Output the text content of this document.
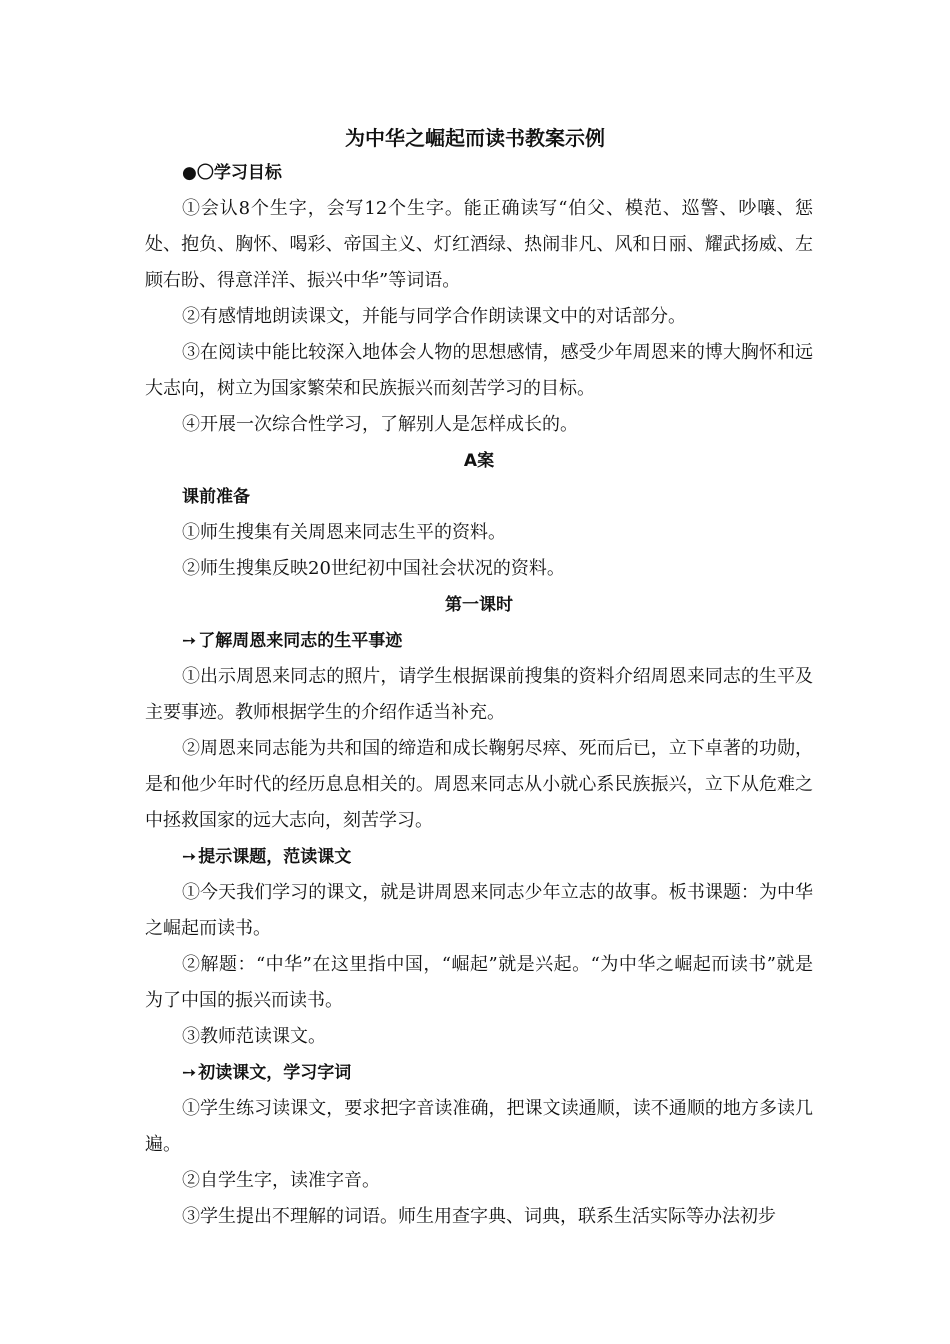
为中华之崛起而读书教案示例

●〇学习目标

①会认8个生字，会写12个生字。能正确读写“伯父、模范、巡警、吵嚷、惩处、抱负、胸怀、喝彩、帝国主义、灯红酒绿、热闹非凡、风和日丽、耀武扬威、左顾右盼、得意洋洋、振兴中华”等词语。

②有感情地朗读课文，并能与同学合作朗读课文中的对话部分。

③在阅读中能比较深入地体会人物的思想感情，感受少年周恩来的博大胸怀和远大志向，树立为国家繁荣和民族振兴而刻苦学习的目标。

④开展一次综合性学习，了解别人是怎样成长的。

A案

课前准备

①师生搜集有关周恩来同志生平的资料。

②师生搜集反映20世纪初中国社会状况的资料。

第一课时

➙ 了解周恩来同志的生平事迹

①出示周恩来同志的照片，请学生根据课前搜集的资料介绍周恩来同志的生平及主要事迹。教师根据学生的介绍作适当补充。

②周恩来同志能为共和国的缔造和成长鞠躬尽瘁、死而后已，立下卓著的功勋，是和他少年时代的经历息息相关的。周恩来同志从小就心系民族振兴，立下从危难之中拯救国家的远大志向，刻苦学习。

➙ 提示课题，范读课文

①今天我们学习的课文，就是讲周恩来同志少年立志的故事。板书课题：为中华之崛起而读书。

②解题：“中华”在这里指中国，“崛起”就是兴起。“为中华之崛起而读书”就是为了中国的振兴而读书。

③教师范读课文。

➙ 初读课文，学习字词

①学生练习读课文，要求把字音读准确，把课文读通顺，读不通顺的地方多读几遍。

②自学生字，读准字音。

③学生提出不理解的词语。师生用查字典、词典，联系生活实际等办法初步
